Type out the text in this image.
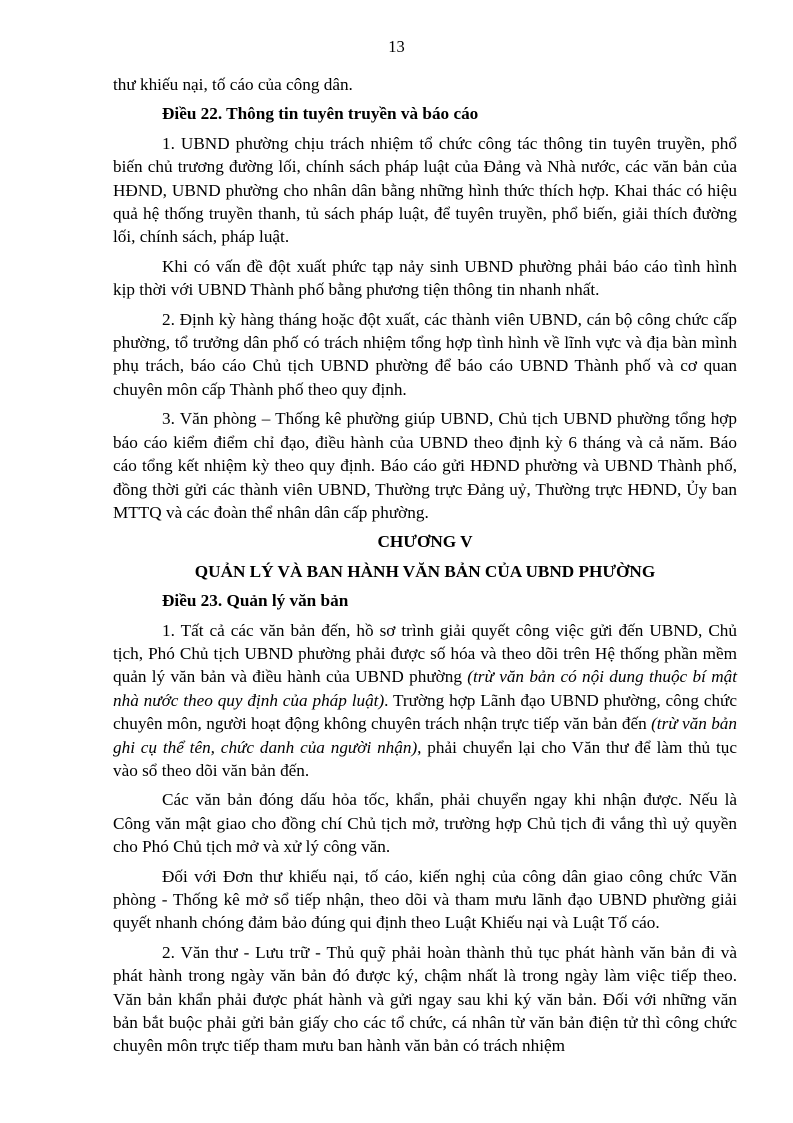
13

thư khiếu nại, tố cáo của công dân.

Điều 22. Thông tin tuyên truyền và báo cáo

1. UBND phường chịu trách nhiệm tổ chức công tác thông tin tuyên truyền, phổ biến chủ trương đường lối, chính sách pháp luật của Đảng và Nhà nước, các văn bản của HĐND, UBND phường cho nhân dân bằng những hình thức thích hợp. Khai thác có hiệu quả hệ thống truyền thanh, tủ sách pháp luật, để tuyên truyền, phổ biến, giải thích đường lối, chính sách, pháp luật.

Khi có vấn đề đột xuất phức tạp nảy sinh UBND phường phải báo cáo tình hình kịp thời với UBND Thành phố bằng phương tiện thông tin nhanh nhất.

2. Định kỳ hàng tháng hoặc đột xuất, các thành viên UBND, cán bộ công chức cấp phường, tổ trưởng dân phố có trách nhiệm tổng hợp tình hình về lĩnh vực và địa bàn mình phụ trách, báo cáo Chủ tịch UBND phường để báo cáo UBND Thành phố và cơ quan chuyên môn cấp Thành phố theo quy định.

3. Văn phòng – Thống kê phường giúp UBND, Chủ tịch UBND phường tổng hợp báo cáo kiểm điểm chỉ đạo, điều hành của UBND theo định kỳ 6 tháng và cả năm. Báo cáo tổng kết nhiệm kỳ theo quy định. Báo cáo gửi HĐND phường và UBND Thành phố, đồng thời gửi các thành viên UBND, Thường trực Đảng uỷ, Thường trực HĐND, Ủy ban MTTQ và các đoàn thể nhân dân cấp phường.

CHƯƠNG V

QUẢN LÝ VÀ BAN HÀNH VĂN BẢN CỦA UBND PHƯỜNG

Điều 23. Quản lý văn bản

1. Tất cả các văn bản đến, hồ sơ trình giải quyết công việc gửi đến UBND, Chủ tịch, Phó Chủ tịch UBND phường phải được số hóa và theo dõi trên Hệ thống phần mềm quản lý văn bản và điều hành của UBND phường (trừ văn bản có nội dung thuộc bí mật nhà nước theo quy định của pháp luật). Trường hợp Lãnh đạo UBND phường, công chức chuyên môn, người hoạt động không chuyên trách nhận trực tiếp văn bản đến (trừ văn bản ghi cụ thể tên, chức danh của người nhận), phải chuyển lại cho Văn thư để làm thủ tục vào sổ theo dõi văn bản đến.

Các văn bản đóng dấu hỏa tốc, khẩn, phải chuyển ngay khi nhận được. Nếu là Công văn mật giao cho đồng chí Chủ tịch mở, trường hợp Chủ tịch đi vắng thì uỷ quyền cho Phó Chủ tịch mở và xử lý công văn.

Đối với Đơn thư khiếu nại, tố cáo, kiến nghị của công dân giao công chức Văn phòng - Thống kê mở sổ tiếp nhận, theo dõi và tham mưu lãnh đạo UBND phường giải quyết nhanh chóng đảm bảo đúng qui định theo Luật Khiếu nại và Luật Tố cáo.

2. Văn thư - Lưu trữ - Thủ quỹ phải hoàn thành thủ tục phát hành văn bản đi và phát hành trong ngày văn bản đó được ký, chậm nhất là trong ngày làm việc tiếp theo. Văn bản khẩn phải được phát hành và gửi ngay sau khi ký văn bản. Đối với những văn bản bắt buộc phải gửi bản giấy cho các tổ chức, cá nhân từ văn bản điện tử thì công chức chuyên môn trực tiếp tham mưu ban hành văn bản có trách nhiệm
